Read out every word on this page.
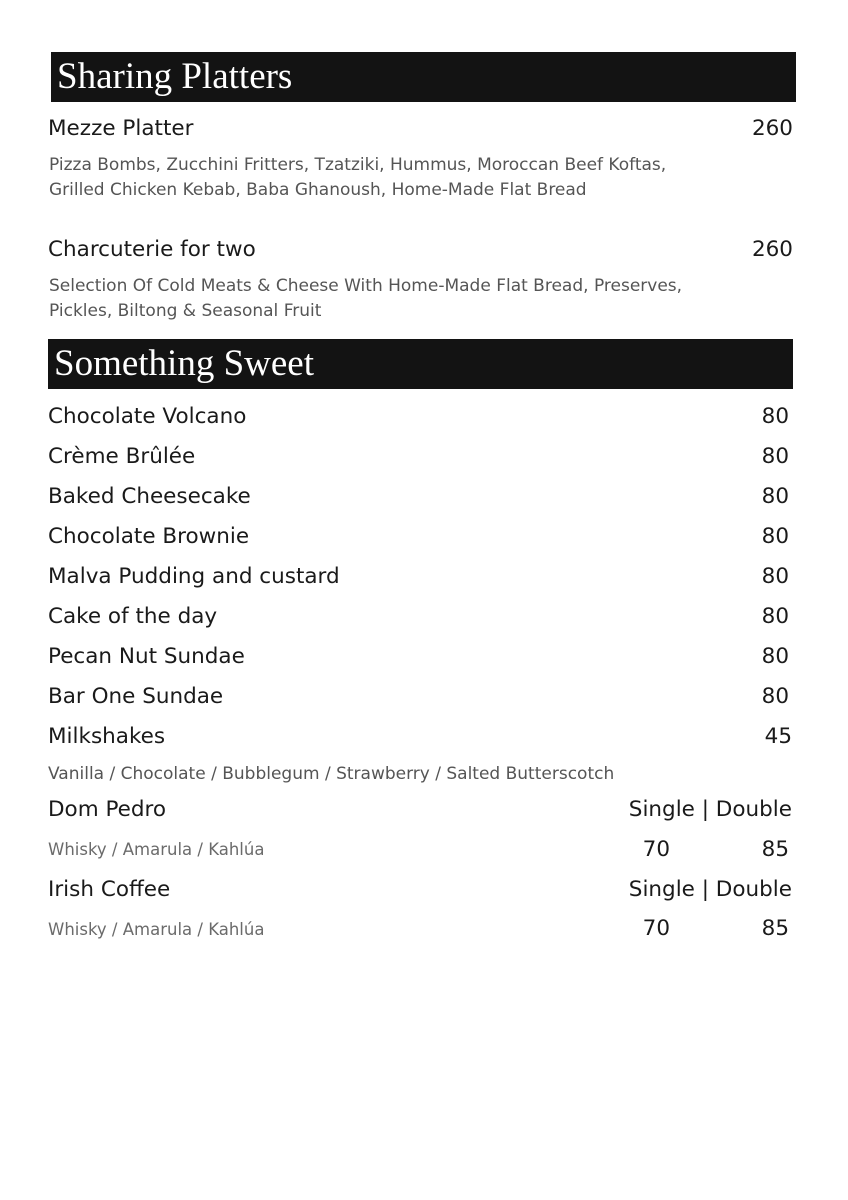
Sharing Platters
Mezze Platter	260
Pizza Bombs, Zucchini Fritters, Tzatziki, Hummus, Moroccan Beef Koftas, Grilled Chicken Kebab, Baba Ghanoush, Home-Made Flat Bread
Charcuterie for two	260
Selection Of Cold Meats & Cheese With Home-Made Flat Bread, Preserves, Pickles, Biltong & Seasonal Fruit
Something Sweet
Chocolate Volcano	80
Crème Brûlée	80
Baked Cheesecake	80
Chocolate Brownie	80
Malva Pudding and custard	80
Cake of the day	80
Pecan Nut Sundae	80
Bar One Sundae	80
Milkshakes	45
Vanilla / Chocolate / Bubblegum / Strawberry / Salted Butterscotch
Dom Pedro	Single | Double
Whisky / Amarula / Kahlúa	70	85
Irish Coffee	Single | Double
Whisky / Amarula / Kahlúa	70	85
